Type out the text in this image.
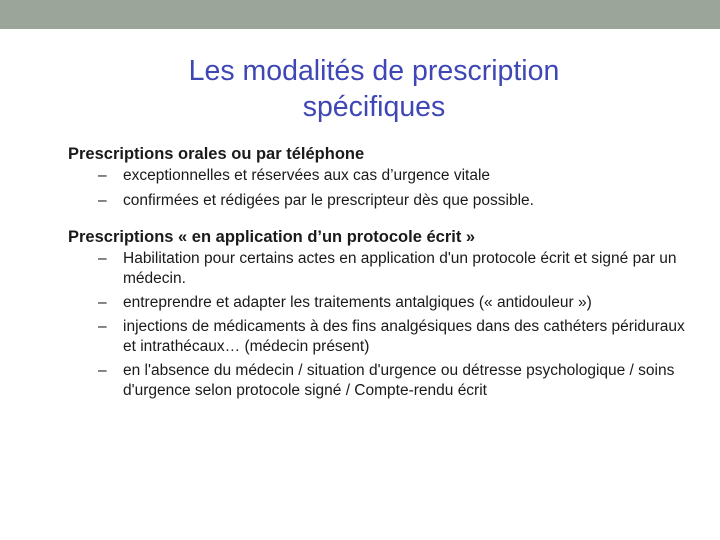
Les modalités de prescription
spécifiques

Prescriptions orales ou par téléphone

– exceptionnelles et réservées aux cas d’urgence vitale
– confirmées et rédigées par le prescripteur dès que possible.

Prescriptions « en application d’un protocole écrit »

– Habilitation pour certains actes en application d'un protocole écrit et signé par un médecin.
– entreprendre et adapter les traitements antalgiques (« antidouleur »)
– injections de médicaments à des fins analgésiques dans des cathéters périduraux et intrathécaux… (médecin présent)
– en l'absence du médecin / situation d'urgence ou détresse psychologique / soins d'urgence selon protocole signé / Compte-rendu écrit
